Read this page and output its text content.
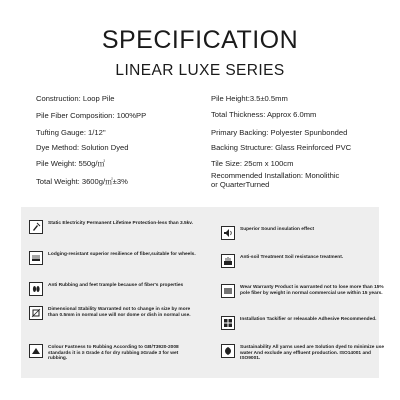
SPECIFICATION
LINEAR LUXE SERIES
Construction: Loop Pile
Pile Fiber Composition: 100%PP
Tufting Gauge: 1/12''
Dye Method: Solution Dyed
Pile Weight: 550g/㎡
Total Weight: 3600g/㎡±3%
Pile Height:3.5±0.5mm
Total Thickness: Approx 6.0mm
Primary Backing: Polyester Spunbonded
Backing Structure: Glass Reinforced PVC
Tile Size: 25cm x 100cm
Recommended Installation: Monolithic or QuarterTurned
Static Electricity Permanent Lifetime Protection-less than 3.5kv.
Lodging-resistant superior resilience of fiber,suitable for wheels.
Anti Rubbing and feet trample because of fiber's properties
Dimensional Stability Warranted not to change in size by more than 0.5mm in normal use will nor dome or dish in normal use.
Colour Fastness to Rubbing According to GB/T3920-2008 standards it is ≥ Grade 4 for dry rubbing ≥Grade 3 for wet rubbing.
Superior Sound insulation effect
Anti-soil Treatment Soil resistance treatment.
Wear Warranty Product is warranted not to lose more than 15% pole fiber by weight in normal commercial use within 15 years.
Installation Tackifier or releasable Adhesive Recommended.
Sustainability All yarns used are Solution dyed to minimize use water And exclude any effluent production. ISO14001 and ISO9001.
